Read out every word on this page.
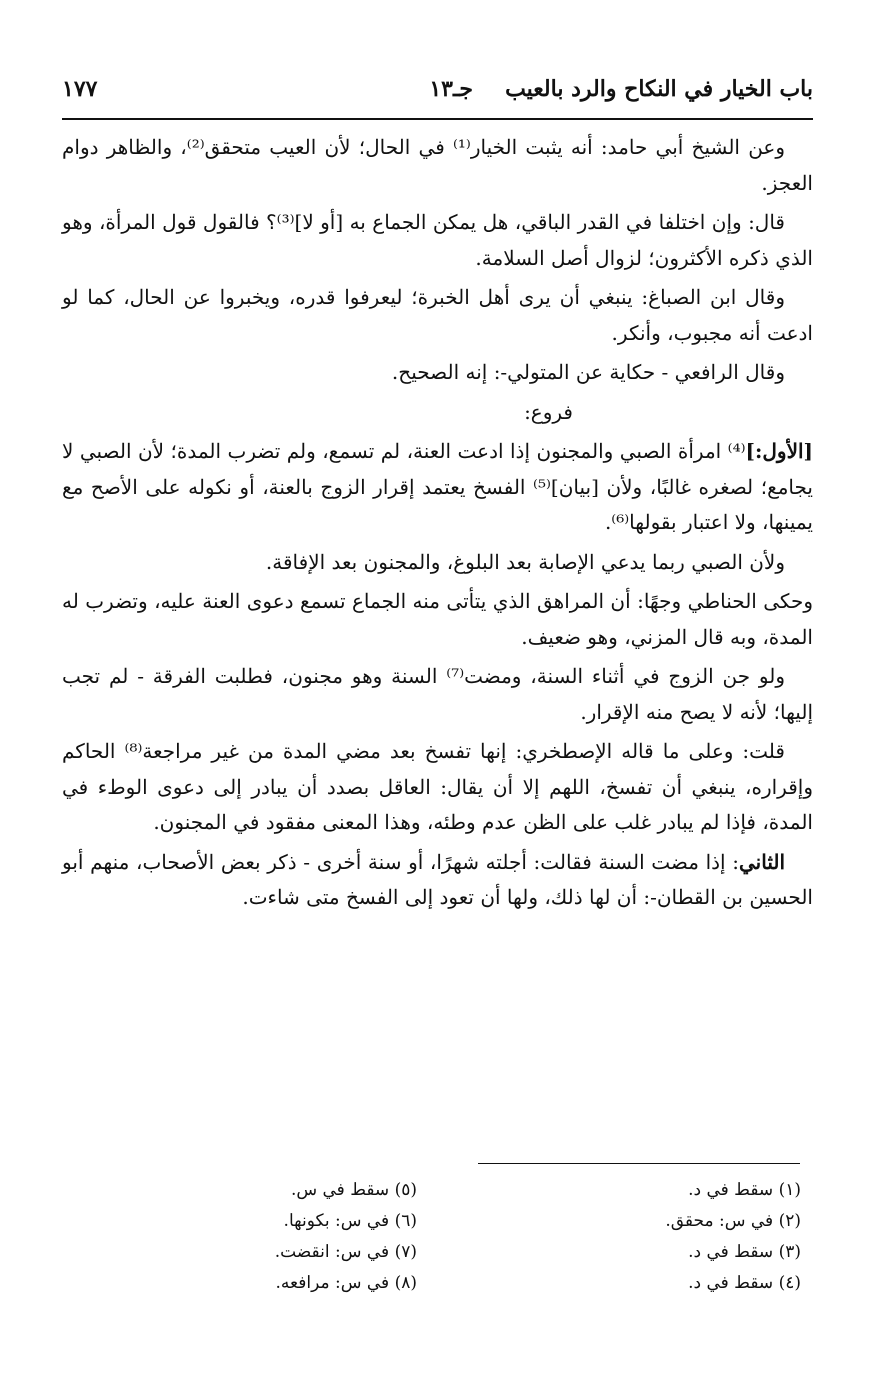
باب الخيار في النكاح والرد بالعيب
جـ١٣
١٧٧

وعن الشيخ أبي حامد: أنه يثبت الخيار⁽¹⁾ في الحال؛ لأن العيب متحقق⁽²⁾، والظاهر دوام العجز.

قال: وإن اختلفا في القدر الباقي، هل يمكن الجماع به [أو لا]⁽³⁾؟ فالقول قول المرأة، وهو الذي ذكره الأكثرون؛ لزوال أصل السلامة.

وقال ابن الصباغ: ينبغي أن يرى أهل الخبرة؛ ليعرفوا قدره، ويخبروا عن الحال، كما لو ادعت أنه مجبوب، وأنكر.

وقال الرافعي - حكاية عن المتولي-: إنه الصحيح.

فروع:

[الأول:]⁽⁴⁾ امرأة الصبي والمجنون إذا ادعت العنة، لم تسمع، ولم تضرب المدة؛ لأن الصبي لا يجامع؛ لصغره غالبًا، ولأن [بيان]⁽⁵⁾ الفسخ يعتمد إقرار الزوج بالعنة، أو نكوله على الأصح مع يمينها، ولا اعتبار بقولها⁽⁶⁾.

ولأن الصبي ربما يدعي الإصابة بعد البلوغ، والمجنون بعد الإفاقة.

وحكى الحناطي وجهًا: أن المراهق الذي يتأتى منه الجماع تسمع دعوى العنة عليه، وتضرب له المدة، وبه قال المزني، وهو ضعيف.

ولو جن الزوج في أثناء السنة، ومضت⁽⁷⁾ السنة وهو مجنون، فطلبت الفرقة - لم تجب إليها؛ لأنه لا يصح منه الإقرار.

قلت: وعلى ما قاله الإصطخري: إنها تفسخ بعد مضي المدة من غير مراجعة⁽⁸⁾ الحاكم وإقراره، ينبغي أن تفسخ، اللهم إلا أن يقال: العاقل بصدد أن يبادر إلى دعوى الوطء في المدة، فإذا لم يبادر غلب على الظن عدم وطئه، وهذا المعنى مفقود في المجنون.

الثاني: إذا مضت السنة فقالت: أجلته شهرًا، أو سنة أخرى - ذكر بعض الأصحاب، منهم أبو الحسين بن القطان-: أن لها ذلك، ولها أن تعود إلى الفسخ متى شاءت.

(١) سقط في د.
(٢) في س: محقق.
(٣) سقط في د.
(٤) سقط في د.
(٥) سقط في س.
(٦) في س: بكونها.
(٧) في س: انقضت.
(٨) في س: مرافعه.
